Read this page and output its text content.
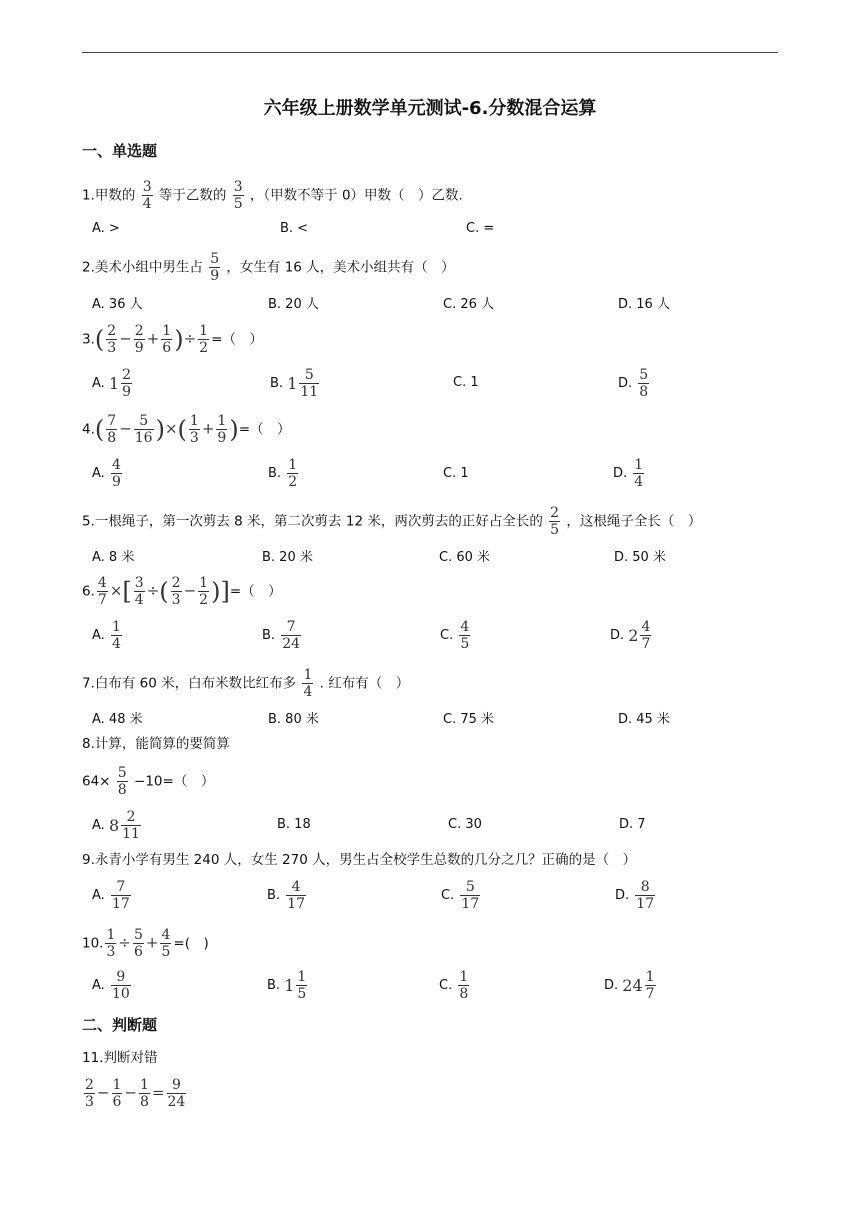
六年级上册数学单元测试-6.分数混合运算
一、单选题
1.甲数的 $\frac{3}{4}$ 等于乙数的 $\frac{3}{5}$ ，（甲数不等于 0）甲数（　）乙数.
A. >	B. <	C. =
2.美术小组中男生占 $\frac{5}{9}$ ，女生有 16 人，美术小组共有（　）
A. 36 人	B. 20 人	C. 26 人	D. 16 人
$3.( \frac{2}{3} - \frac{2}{9} + \frac{1}{6}$ )÷ $\frac{1}{2}$ =（　）
A. $1 \frac{2}{9}$	B. $1 \frac{5}{11}$	C. 1	D. $\frac{5}{8}$
$4.( \frac{7}{8} - \frac{5}{16}$ )×( $\frac{1}{3} + \frac{1}{9}$ )=（　）
A. $\frac{4}{9}$	B. $\frac{1}{2}$	C. 1	D. $\frac{1}{4}$
5.一根绳子，第一次剪去 8 米，第二次剪去 12 米，两次剪去的正好占全长的 $\frac{2}{5}$ ，这根绳子全长（　）
A. 8 米	B. 20 米	C. 60 米	D. 50 米
6. $\frac{4}{7}$ ×[ $\frac{3}{4}$ ÷( $\frac{2}{3} - \frac{1}{2}$ )]=（　）
A. $\frac{1}{4}$	B. $\frac{7}{24}$	C. $\frac{4}{5}$	D. $2 \frac{4}{7}$
7.白布有 60 米，白布米数比红布多 $\frac{1}{4}$ . 红布有（　）
A. 48 米	B. 80 米	C. 75 米	D. 45 米
8.计算，能简算的要简算
$64\times \frac{5}{8} -10=$（　）
A. $8 \frac{2}{11}$	B. 18	C. 30	D. 7
9.永青小学有男生 240 人，女生 270 人，男生占全校学生总数的几分之几？正确的是（　）
A. $\frac{7}{17}$	B. $\frac{4}{17}$	C. $\frac{5}{17}$	D. $\frac{8}{17}$
10. $\frac{1}{3} \div \frac{5}{6} + \frac{4}{5}$ =(　)
A. $\frac{9}{10}$	B. $1 \frac{1}{5}$	C. $\frac{1}{8}$	D. $24 \frac{1}{7}$
二、判断题
11.判断对错
$\frac{2}{3} - \frac{1}{6} - \frac{1}{8} = \frac{9}{24}$
